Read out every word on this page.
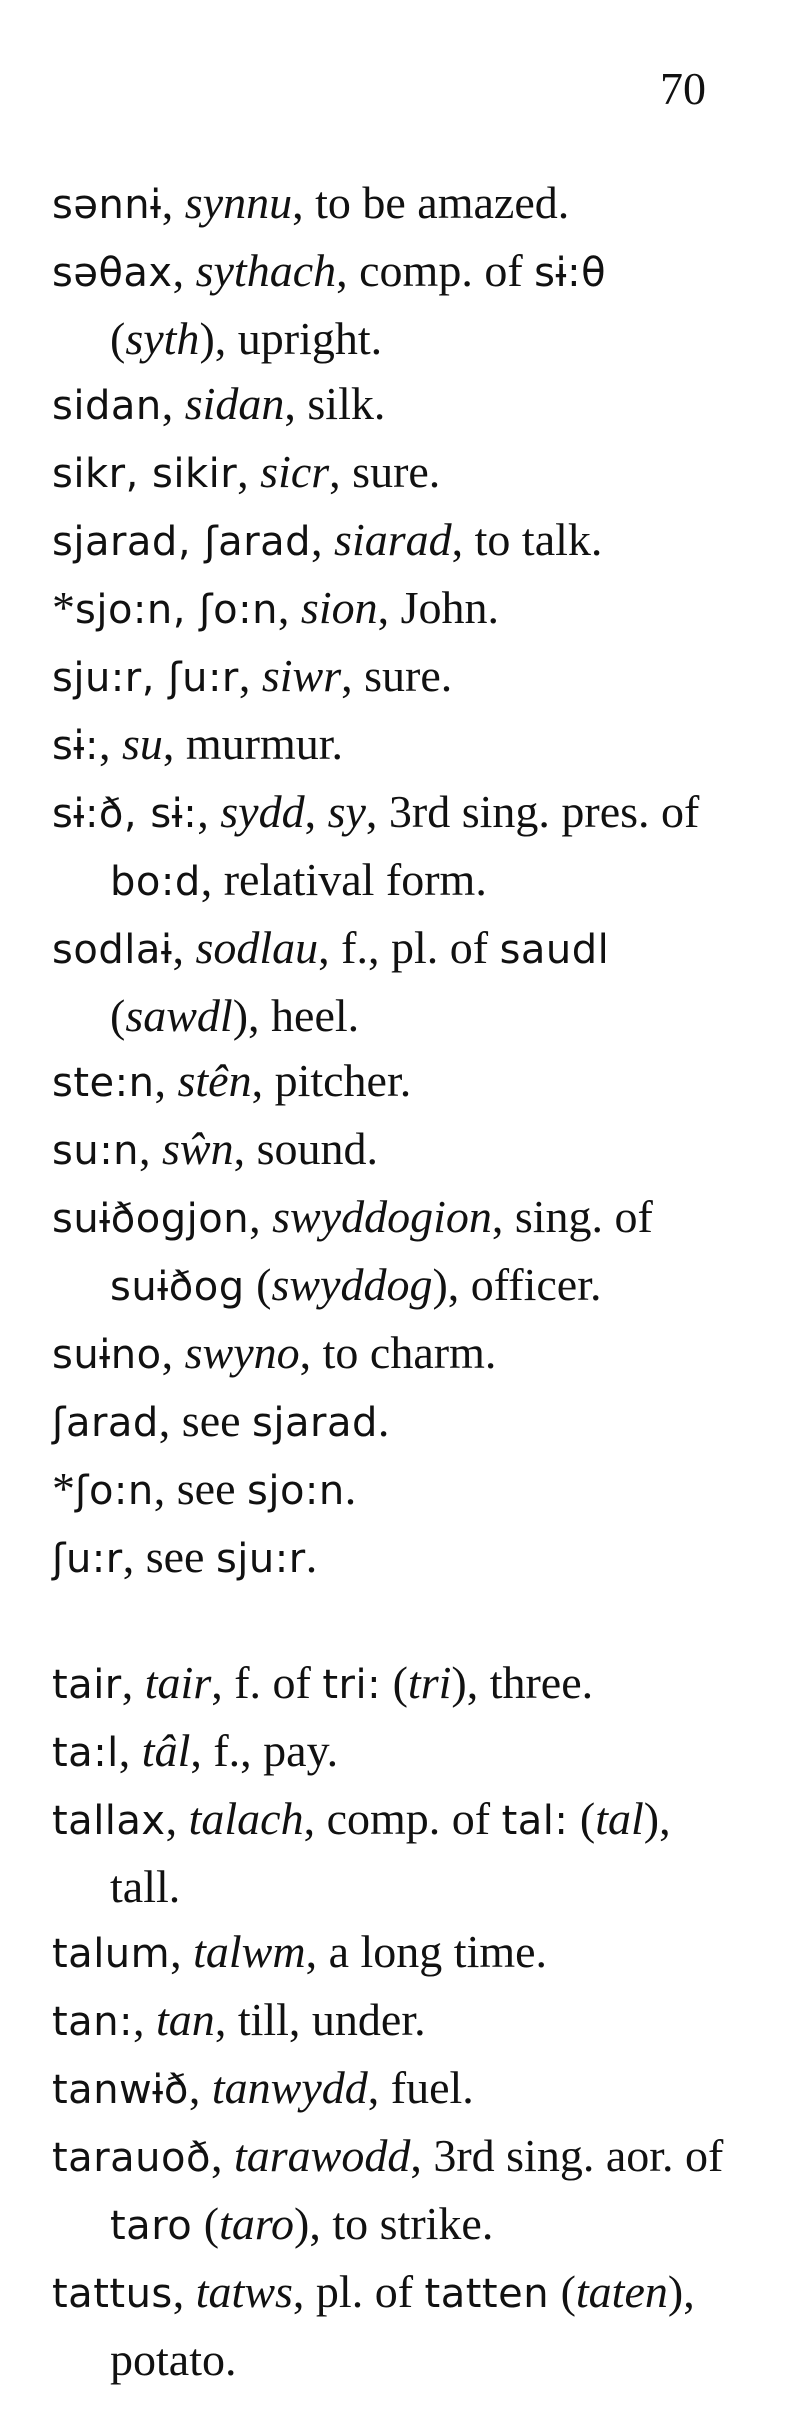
70
sənnɨ, synnu, to be amazed.
səθax, sythach, comp. of sɨ:θ (syth), upright.
sidan, sidan, silk.
sikr, sikir, sicr, sure.
sjarad, ʃarad, siarad, to talk.
*sjo:n, ʃo:n, sion, John.
sju:r, ʃu:r, siwr, sure.
sɨ:, su, murmur.
sɨ:ð, sɨ:, sydd, sy, 3rd sing. pres. of bo:d, relatival form.
sodlaɨ, sodlau, f., pl. of saudl (sawdl), heel.
ste:n, stên, pitcher.
su:n, sŵn, sound.
suɨðogjon, swyddogion, sing. of suɨðog (swyddog), officer.
suɨno, swyno, to charm.
ʃarad, see sjarad.
*ʃo:n, see sjo:n.
ʃu:r, see sju:r.
tair, tair, f. of tri: (tri), three.
ta:l, tâl, f., pay.
tallax, talach, comp. of tal: (tal), tall.
talum, talwm, a long time.
tan:, tan, till, under.
tanwɨð, tanwydd, fuel.
tarauoð, tarawodd, 3rd sing. aor. of taro (taro), to strike.
tattus, tatws, pl. of tatten (taten), potato.
